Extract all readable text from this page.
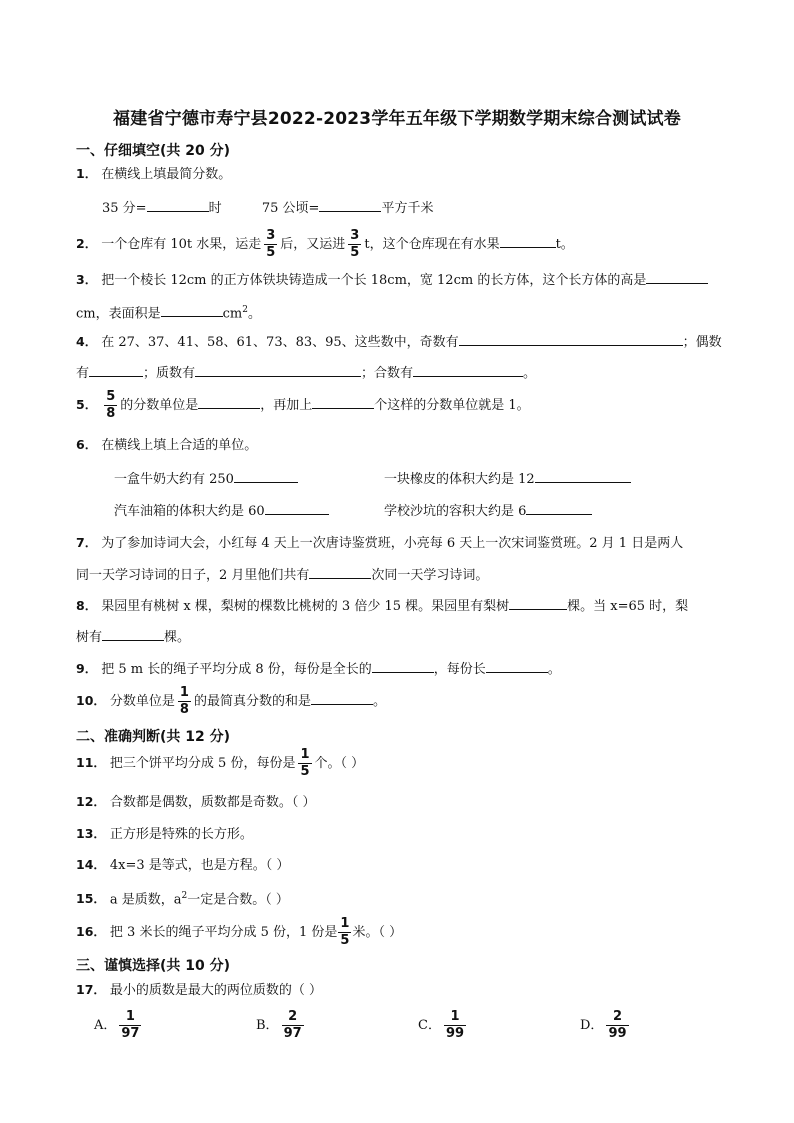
福建省宁德市寿宁县2022-2023学年五年级下学期数学期末综合测试试卷
一、仔细填空(共 20 分)
1． 在横线上填最简分数。
35 分=	时	75 公顷=	平方千米
2． 一个仓库有 10t 水果，运走 $\frac{3}{5}$ 后，又运进 $\frac{3}{5}$ t，这个仓库现在有水果	t。
3． 把一个棱长 12cm 的正方体铁块铸造成一个长 18cm，宽 12cm 的长方体，这个长方体的高是
cm，表面积是	$cm^2$。
4． 在 27、37、41、58、61、73、83、95、这些数中，奇数有	；偶数
有	；质数有	；合数有	。
5． $\frac{5}{8}$ 的分数单位是	，再加上	个这样的分数单位就是 1。
6． 在横线上填上合适的单位。
一盒牛奶大约有 250	一块橡皮的体积大约是 12
汽车油箱的体积大约是 60	学校沙坑的容积大约是 6
7． 为了参加诗词大会，小红每 4 天上一次唐诗鉴赏班，小亮每 6 天上一次宋词鉴赏班。2 月 1 日是两人
同一天学习诗词的日子，2 月里他们共有	次同一天学习诗词。
8． 果园里有桃树 x 棵，梨树的棵数比桃树的 3 倍少 15 棵。果园里有梨树	棵。当 x=65 时，梨
树有	棵。
9． 把 5 m 长的绳子平均分成 8 份，每份是全长的	，每份长	。
10． 分数单位是 $\frac{1}{8}$ 的最简真分数的和是	。
二、准确判断(共 12 分)
11． 把三个饼平均分成 5 份，每份是 $\frac{1}{5}$ 个。（ ）
12． 合数都是偶数，质数都是奇数。（ ）
13． 正方形是特殊的长方形。
14． 4x=3 是等式，也是方程。（ ）
15． a 是质数，$a^2$一定是合数。（ ）
16． 把 3 米长的绳子平均分成 5 份，1 份是 $\frac{1}{5}$ 米。（ ）
三、谨慎选择(共 10 分)
17． 最小的质数是最大的两位质数的（ ）
A． $\frac{1}{97}$	B． $\frac{2}{97}$	C． $\frac{1}{99}$	D． $\frac{2}{99}$
